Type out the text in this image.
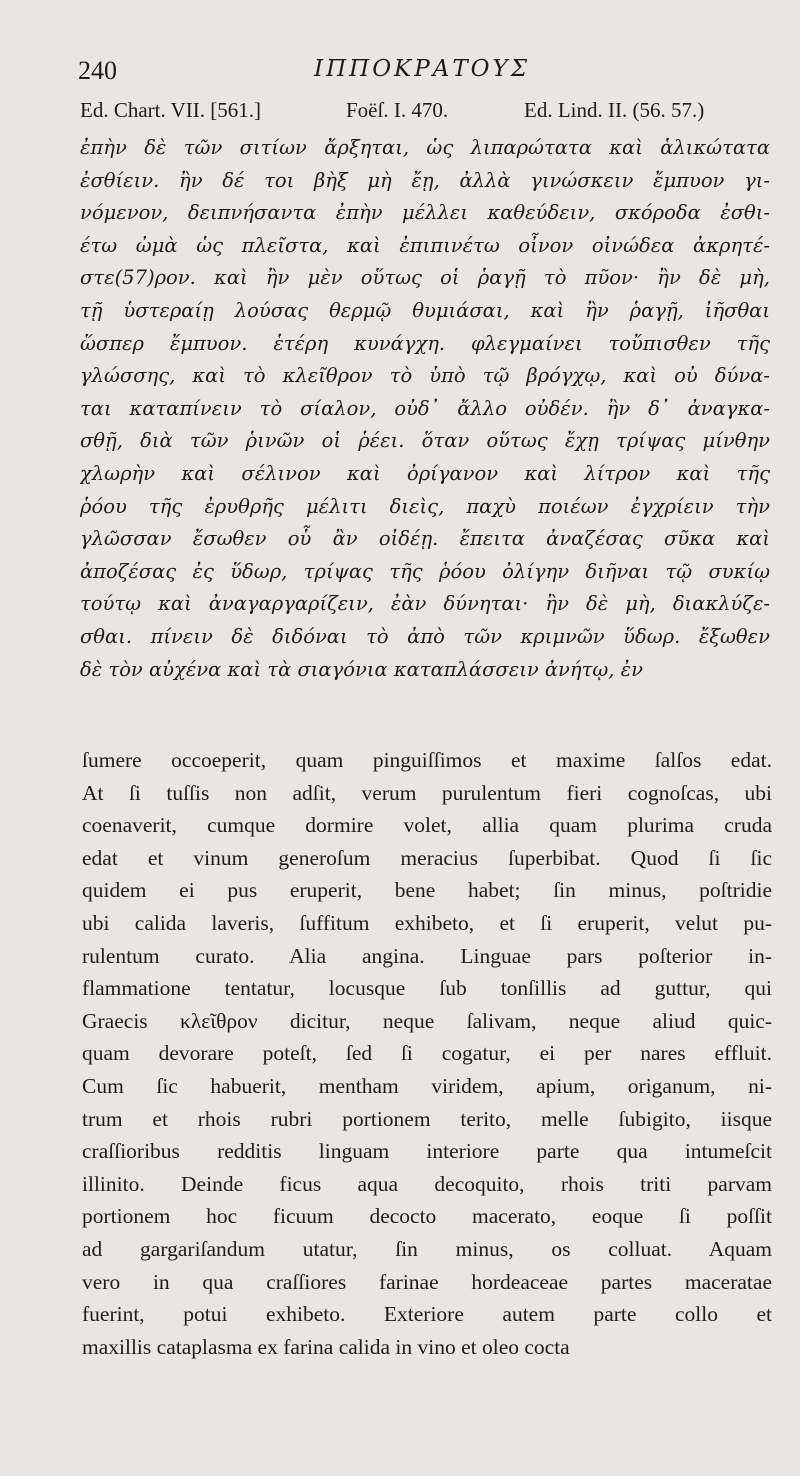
240	ΙΠΠΟΚΡΑΤΟΥΣ
Ed. Chart. VII. [561.]	Foëſ. I. 470.	Ed. Lind. II. (56. 57.)
ἐπὴν δὲ τῶν σιτίων ἄρξηται, ὡς λιπαρώτατα καὶ ἁλικώτατα
ἐσθίειν. ἢν δέ τοι βὴξ μὴ ἔῃ, ἀλλὰ γινώσκειν ἔμπυον γι-
νόμενον, δειπνήσαντα ἐπὴν μέλλει καθεύδειν, σκόροδα ἐσθι-
έτω ὠμὰ ὡς πλεῖστα, καὶ ἐπιπινέτω οἶνον οἰνώδεα ἀκρητέ-
στε(57)ρον. καὶ ἢν μὲν οὕτως οἱ ῥαγῇ τὸ πῦον· ἢν δὲ μὴ,
τῇ ὑστεραίῃ λούσας θερμῷ θυμιάσαι, καὶ ἢν ῥαγῇ, ἰῆσθαι
ὥσπερ ἔμπυον. ἑτέρη κυνάγχη. φλεγμαίνει τοὔπισθεν τῆς
γλώσσης, καὶ τὸ κλεῖθρον τὸ ὑπὸ τῷ βρόγχῳ, καὶ οὐ δύνα-
ται καταπίνειν τὸ σίαλον, οὐδ᾽ ἄλλο οὐδέν. ἢν δ᾽ ἀναγκα-
σθῇ, διὰ τῶν ῥινῶν οἱ ῥέει. ὅταν οὕτως ἔχῃ τρίψας μίνθην
χλωρὴν καὶ σέλινον καὶ ὀρίγανον καὶ λίτρον καὶ τῆς
ῥόου τῆς ἐρυθρῆς μέλιτι διεὶς, παχὺ ποιέων ἐγχρίειν τὴν
γλῶσσαν ἔσωθεν οὗ ἂν οἰδέῃ. ἔπειτα ἀναζέσας σῦκα καὶ
ἀποζέσας ἐς ὕδωρ, τρίψας τῆς ῥόου ὀλίγην διῆναι τῷ συκίῳ
τούτῳ καὶ ἀναγαργαρίζειν, ἐὰν δύνηται· ἢν δὲ μὴ, διακλύζε-
σθαι. πίνειν δὲ διδόναι τὸ ἀπὸ τῶν κριμνῶν ὕδωρ. ἔξωθεν
δὲ τὸν αὐχένα καὶ τὰ σιαγόνια καταπλάσσειν ἀνήτῳ, ἐν
ſumere occoeperit, quam pinguiſſimos et maxime ſalſos edat.
At ſi tuſſis non adſit, verum purulentum fieri cognoſcas, ubi
coenaverit, cumque dormire volet, allia quam plurima cruda
edat et vinum generoſum meracius ſuperbibat. Quod ſi ſic
quidem ei pus eruperit, bene habet; ſin minus, poſtridie
ubi calida laveris, ſuffitum exhibeto, et ſi eruperit, velut pu-
rulentum curato. Alia angina. Linguae pars poſterior in-
flammatione tentatur, locusque ſub tonſillis ad guttur, qui
Graecis κλεῖθρον dicitur, neque ſalivam, neque aliud quic-
quam devorare poteſt, ſed ſi cogatur, ei per nares effluit.
Cum ſic habuerit, mentham viridem, apium, origanum, ni-
trum et rhois rubri portionem terito, melle ſubigito, iisque
craſſioribus redditis linguam interiore parte qua intumeſcit
illinito. Deinde ficus aqua decoquito, rhois triti parvam
portionem hoc ficuum decocto macerato, eoque ſi poſſit
ad gargariſandum utatur, ſin minus, os colluat. Aquam
vero in qua craſſiores farinae hordeaceae partes maceratae
fuerint, potui exhibeto. Exteriore autem parte collo et
maxillis cataplasma ex farina calida in vino et oleo cocta
